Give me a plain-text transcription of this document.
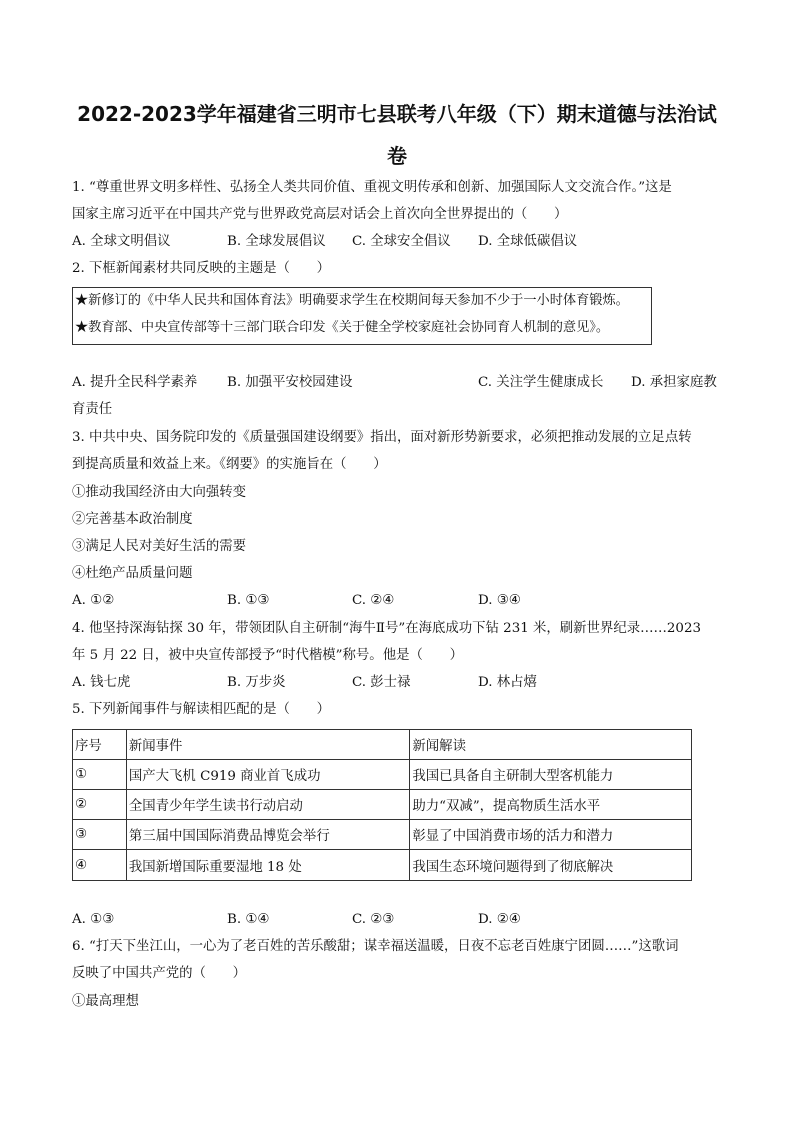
2022-2023学年福建省三明市七县联考八年级（下）期末道德与法治试
卷
1. “尊重世界文明多样性、弘扬全人类共同价值、重视文明传承和创新、加强国际人文交流合作。”这是
国家主席习近平在中国共产党与世界政党高层对话会上首次向全世界提出的（　　）
A. 全球文明倡议	B. 全球发展倡议 C. 全球安全倡议 D. 全球低碳倡议
2. 下框新闻素材共同反映的主题是（　　）
★新修订的《中华人民共和国体育法》明确要求学生在校期间每天参加不少于一小时体育锻炼。
★教育部、中央宣传部等十三部门联合印发《关于健全学校家庭社会协同育人机制的意见》。
A. 提升全民科学素养 B. 加强平安校园建设	C. 关注学生健康成长 D. 承担家庭教
育责任
3. 中共中央、国务院印发的《质量强国建设纲要》指出，面对新形势新要求，必须把推动发展的立足点转
到提高质量和效益上来。《纲要》的实施旨在（　　）
①推动我国经济由大向强转变
②完善基本政治制度
③满足人民对美好生活的需要
④杜绝产品质量问题
A. ①②	B. ①③	C. ②④	D. ③④
4. 他坚持深海钻探 30 年，带领团队自主研制“海牛Ⅱ号”在海底成功下钻 231 米，刷新世界纪录……2023
年 5 月 22 日，被中央宣传部授予“时代楷模”称号。他是（　　）
A. 钱七虎	B. 万步炎	C. 彭士禄	D. 林占熺
5. 下列新闻事件与解读相匹配的是（　　）
序号	新闻事件	新闻解读
①	国产大飞机 C919 商业首飞成功	我国已具备自主研制大型客机能力
②	全国青少年学生读书行动启动	助力“双减”，提高物质生活水平
③	第三届中国国际消费品博览会举行	彰显了中国消费市场的活力和潜力
④	我国新增国际重要湿地 18 处	我国生态环境问题得到了彻底解决
A. ①③	B. ①④	C. ②③	D. ②④
6. “打天下坐江山，一心为了老百姓的苦乐酸甜；谋幸福送温暖，日夜不忘老百姓康宁团圆……”这歌词
反映了中国共产党的（　　）
①最高理想
